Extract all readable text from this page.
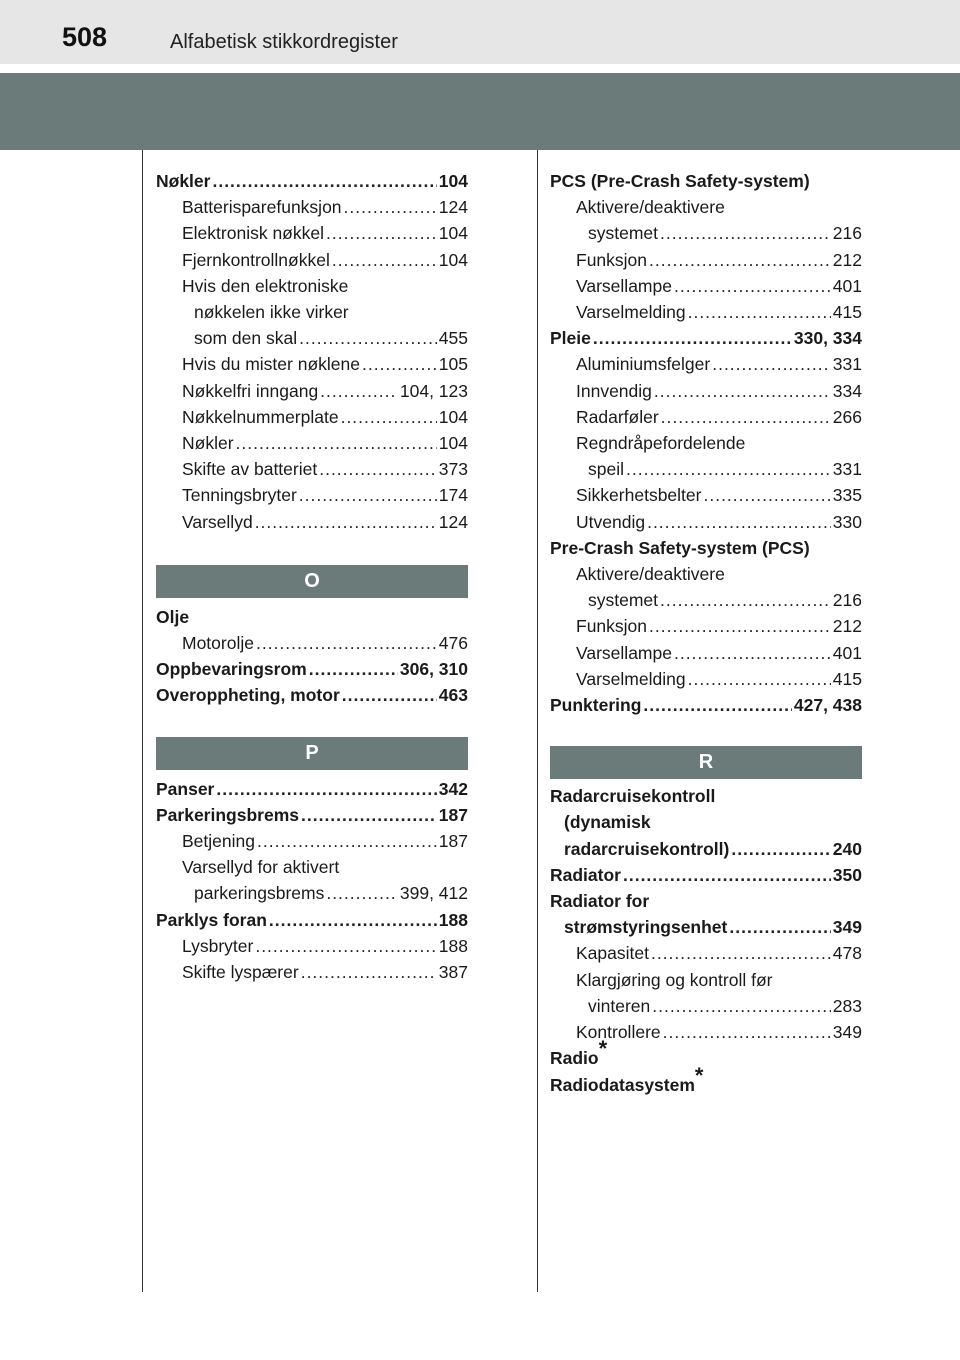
508	Alfabetisk stikkordregister
Nøkler .....	104
Batterisparefunksjon .....	124
Elektronisk nøkkel .....	104
Fjernkontrollnøkkel .....	104
Hvis den elektroniske
nøkkelen ikke virker
som den skal .....	455
Hvis du mister nøklene .....	105
Nøkkelfri inngang .....	104, 123
Nøkkelnummerplate .....	104
Nøkler .....	104
Skifte av batteriet .....	373
Tenningsbryter .....	174
Varsellyd .....	124
O
Olje
Motorolje .....	476
Oppbevaringsrom .....	306, 310
Overoppheting, motor .....	463
P
Panser .....	342
Parkeringsbrems .....	187
Betjening .....	187
Varsellyd for aktivert
parkeringsbrems .....	399, 412
Parklys foran .....	188
Lysbryter .....	188
Skifte lyspærer .....	387
PCS (Pre-Crash Safety-system)
Aktivere/deaktivere
systemet .....	216
Funksjon .....	212
Varsellampe .....	401
Varselmelding .....	415
Pleie .....	330, 334
Aluminiumsfelger .....	331
Innvendig .....	334
Radarføler .....	266
Regndråpefordelende
speil .....	331
Sikkerhetsbelter .....	335
Utvendig .....	330
Pre-Crash Safety-system (PCS)
Aktivere/deaktivere
systemet .....	216
Funksjon .....	212
Varsellampe .....	401
Varselmelding .....	415
Punktering .....	427, 438
R
Radarcruisekontroll
(dynamisk
radarcruisekontroll) .....	240
Radiator .....	350
Radiator for
strømstyringsenhet .....	349
Kapasitet .....	478
Klargjøring og kontroll før
vinteren .....	283
Kontrollere .....	349
Radio*
Radiodatasystem*
